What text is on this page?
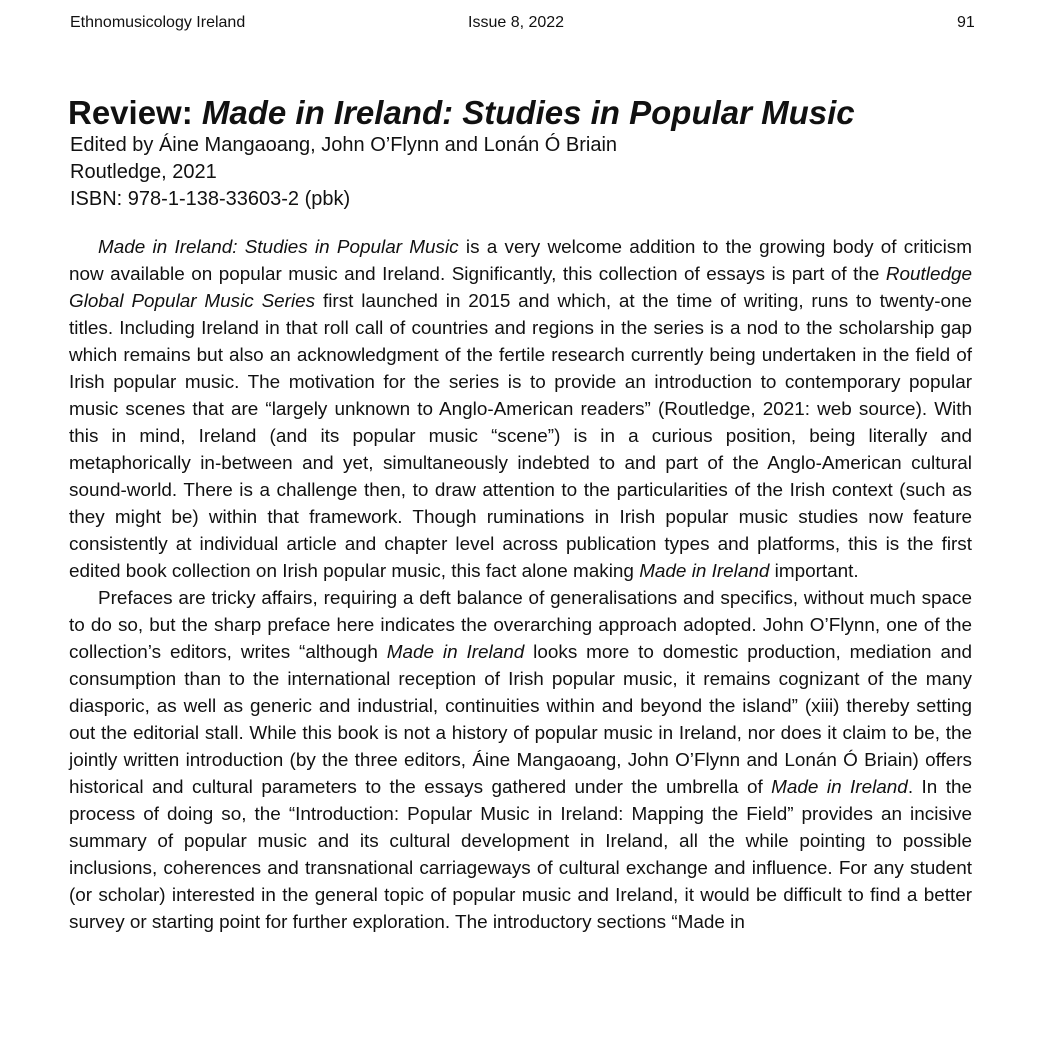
Ethnomusicology Ireland	Issue 8, 2022	91
Review: Made in Ireland: Studies in Popular Music
Edited by Áine Mangaoang, John O’Flynn and Lonán Ó Briain
Routledge, 2021
ISBN: 978-1-138-33603-2 (pbk)

Made in Ireland: Studies in Popular Music is a very welcome addition to the growing body of criticism now available on popular music and Ireland. Significantly, this collection of essays is part of the Routledge Global Popular Music Series first launched in 2015 and which, at the time of writing, runs to twenty-one titles. Including Ireland in that roll call of countries and regions in the series is a nod to the scholarship gap which remains but also an acknowledgment of the fertile research currently being undertaken in the field of Irish popular music. The motivation for the series is to provide an introduction to contemporary popular music scenes that are “largely unknown to Anglo-American readers” (Routledge, 2021: web source). With this in mind, Ireland (and its popular music “scene”) is in a curious position, being literally and metaphorically in-between and yet, simultaneously indebted to and part of the Anglo-American cultural sound-world. There is a challenge then, to draw attention to the particularities of the Irish context (such as they might be) within that framework. Though ruminations in Irish popular music studies now feature consistently at individual article and chapter level across publication types and platforms, this is the first edited book collection on Irish popular music, this fact alone making Made in Ireland important.

Prefaces are tricky affairs, requiring a deft balance of generalisations and specifics, without much space to do so, but the sharp preface here indicates the overarching approach adopted. John O’Flynn, one of the collection’s editors, writes “although Made in Ireland looks more to domestic production, mediation and consumption than to the international reception of Irish popular music, it remains cognizant of the many diasporic, as well as generic and industrial, continuities within and beyond the island” (xiii) thereby setting out the editorial stall. While this book is not a history of popular music in Ireland, nor does it claim to be, the jointly written introduction (by the three editors, Áine Mangaoang, John O’Flynn and Lonán Ó Briain) offers historical and cultural parameters to the essays gathered under the umbrella of Made in Ireland. In the process of doing so, the “Introduction: Popular Music in Ireland: Mapping the Field” provides an incisive summary of popular music and its cultural development in Ireland, all the while pointing to possible inclusions, coherences and transnational carriageways of cultural exchange and influence. For any student (or scholar) interested in the general topic of popular music and Ireland, it would be difficult to find a better survey or starting point for further exploration. The introductory sections “Made in
